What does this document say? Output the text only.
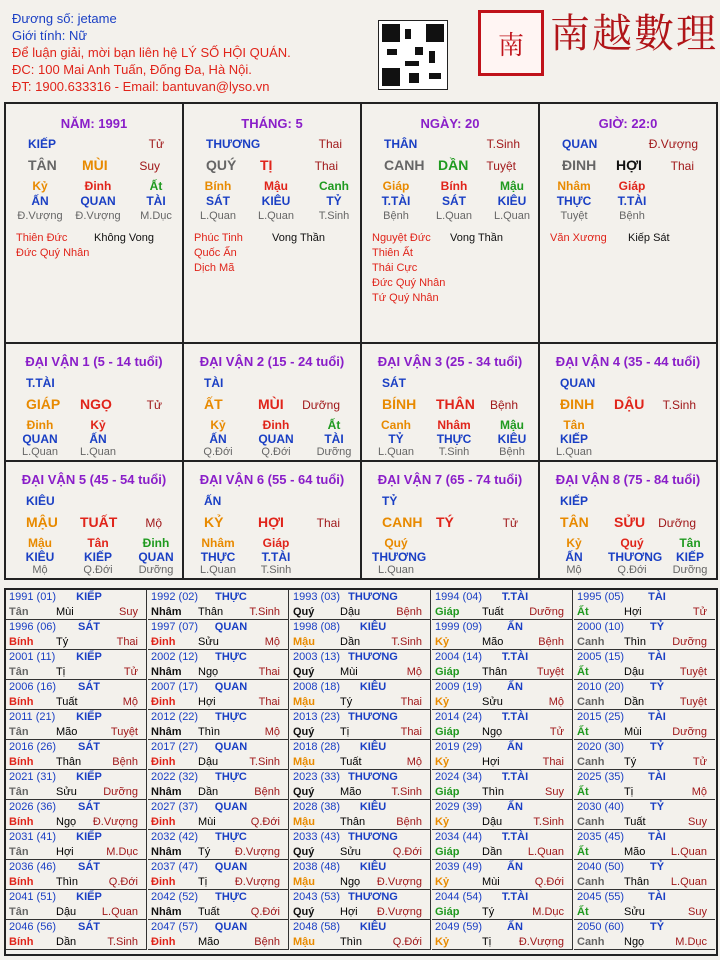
Đương số: jetame
Giới tính: Nữ
Để luận giải, mời bạn liên hệ LÝ SỐ HỘI QUÁN.
ĐC: 100 Mai Anh Tuấn, Đống Đa, Hà Nội.
ĐT: 1900.633316 - Email: bantuvan@lyso.vn
南 南越數理
NĂM: 1991
KIẾP	Tử
TÂN MÙI	Suy
Kỷ
ẤN
Đ.Vượng
Đinh
QUAN
Đ.Vượng
Ất
TÀI
M.Dục
Thiên Đức
Đức Quý Nhân
Không Vong
THÁNG: 5
THƯƠNG	Thai
QUÝ TỊ	Thai
Bính
SÁT
L.Quan
Mậu
KIÊU
L.Quan
Canh
TỶ
T.Sinh
Phúc Tinh
Quốc Ấn
Dịch Mã
Vong Thần
NGÀY: 20
THÂN	T.Sinh
CANH DẦN Tuyệt
Giáp
T.TÀI
Bệnh
Bính
SÁT
L.Quan
Mậu
KIÊU
L.Quan
Nguyệt Đức
Thiên Ất
Thái Cực
Đức Quý Nhân
Tứ Quý Nhân
Vong Thần
GIỜ: 22:0
QUAN	Đ.Vượng
ĐINH HỢI Thai
Nhâm
THỰC
Tuyệt
Giáp
T.TÀI
Bệnh
Văn Xương Kiếp Sát
ĐẠI VẬN 1 (5 - 14 tuổi)
T.TÀI
GIÁP NGỌ	Tử
Đinh
QUAN
L.Quan
Kỷ
ẤN
L.Quan
ĐẠI VẬN 2 (15 - 24 tuổi)
TÀI
ẤT	MÙI Dưỡng
Kỷ
ẤN
Q.Đới
Đinh
QUAN
Q.Đới
Ất
TÀI
Dưỡng
ĐẠI VẬN 3 (25 - 34 tuổi)
SÁT
BÍNH THÂN Bệnh
Canh
TỶ
L.Quan
Nhâm
THỰC
T.Sinh
Mậu
KIÊU
Bệnh
ĐẠI VẬN 4 (35 - 44 tuổi)
QUAN
ĐINH DẬU T.Sinh
Tân
KIẾP
L.Quan
ĐẠI VẬN 5 (45 - 54 tuổi)
KIÊU
MẬU TUẤT Mộ
Mậu
KIÊU
Mộ
Tân
KIẾP
Q.Đới
Đinh
QUAN
Dưỡng
ĐẠI VẬN 6 (55 - 64 tuổi)
ẤN
KỶ HỢI	Thai
Nhâm
THỰC
L.Quan
Giáp
T.TÀI
T.Sinh
ĐẠI VẬN 7 (65 - 74 tuổi)
TỶ
CANH TÝ	Tử
Quý
THƯƠNG
L.Quan
ĐẠI VẬN 8 (75 - 84 tuổi)
KIẾP
TÂN SỬU Dưỡng
Kỷ
ẤN
Mộ
Quý
THƯƠNG
Q.Đới
Tân
KIẾP
Dưỡng
1991 (01)	KIẾP
Tân Mùi	Suy
1992 (02)	THỰC
Nhâm Thân T.Sinh
1993 (03) THƯƠNG
Quý Dậu	Bệnh
1994 (04)	T.TÀI
Giáp Tuất Dưỡng
1995 (05)	TÀI
Ất	Hợi	Tử
1996 (06)	SÁT
Bính Tý	Thai
1997 (07)	QUAN
Đinh Sửu	Mộ
1998 (08)	KIÊU
Mậu Dần	T.Sinh
1999 (09)	ẤN
Kỷ	Mão	Bệnh
2000 (10)	TỶ
Canh Thìn Dưỡng
2001 (11)	KIẾP
Tân Tị	Tử
2002 (12)	THỰC
Nhâm Ngọ	Thai
2003 (13) THƯƠNG
Quý Mùi	Mộ
2004 (14)	T.TÀI
Giáp Thân	Tuyệt
2005 (15)	TÀI
Ất	Dậu	Tuyệt
2006 (16)	SÁT
Bính Tuất	Mộ
2007 (17)	QUAN
Đinh Hợi	Thai
2008 (18)	KIÊU
Mậu Tý	Thai
2009 (19)	ẤN
Kỷ	Sửu	Mộ
2010 (20)	TỶ
Canh Dần	Tuyệt
2011 (21)	KIẾP
Tân Mão	Tuyệt
2012 (22)	THỰC
Nhâm Thìn	Mộ
2013 (23) THƯƠNG
Quý Tị	Thai
2014 (24)	T.TÀI
Giáp Ngọ	Tử
2015 (25)	TÀI
Ất	Mùi	Dưỡng
2016 (26)	SÁT
Bính Thân	Bệnh
2017 (27)	QUAN
Đinh Dậu	T.Sinh
2018 (28)	KIÊU
Mậu Tuất	Mộ
2019 (29)	ẤN
Kỷ	Hợi	Thai
2020 (30)	TỶ
Canh Tý	Tử
2021 (31)	KIẾP
Tân Sửu Dưỡng
2022 (32)	THỰC
Nhâm Dần	Bệnh
2023 (33) THƯƠNG
Quý Mão	T.Sinh
2024 (34)	T.TÀI
Giáp Thìn	Suy
2025 (35)	TÀI
Ất	Tị	Mộ
2026 (36)	SÁT
Bính Ngọ Đ.Vượng
2027 (37)	QUAN
Đinh Mùi	Q.Đới
2028 (38)	KIÊU
Mậu Thân	Bệnh
2029 (39)	ẤN
Kỷ	Dậu	T.Sinh
2030 (40)	TỶ
Canh Tuất	Suy
2031 (41)	KIẾP
Tân Hợi	M.Dục
2032 (42)	THỰC
Nhâm Tý Đ.Vượng
2033 (43) THƯƠNG
Quý Sửu	Q.Đới
2034 (44)	T.TÀI
Giáp Dần L.Quan
2035 (45)	TÀI
Ất	Mão L.Quan
2036 (46)	SÁT
Bính Thìn	Q.Đới
2037 (47)	QUAN
Đinh Tị	Đ.Vượng
2038 (48)	KIÊU
Mậu Ngọ Đ.Vượng
2039 (49)	ẤN
Kỷ	Mùi	Q.Đới
2040 (50)	TỶ
Canh Thân L.Quan
2041 (51)	KIẾP
Tân Dậu L.Quan
2042 (52)	THỰC
Nhâm Tuất	Q.Đới
2043 (53) THƯƠNG
Quý Hợi Đ.Vượng
2044 (54)	T.TÀI
Giáp Tý	M.Dục
2045 (55)	TÀI
Ất	Sửu	Suy
2046 (56)	SÁT
Bính Dần	T.Sinh
2047 (57)	QUAN
Đinh Mão	Bệnh
2048 (58)	KIÊU
Mậu Thìn	Q.Đới
2049 (59)	ẤN
Kỷ	Tị	Đ.Vượng
2050 (60)	TỶ
Canh Ngọ	M.Dục
